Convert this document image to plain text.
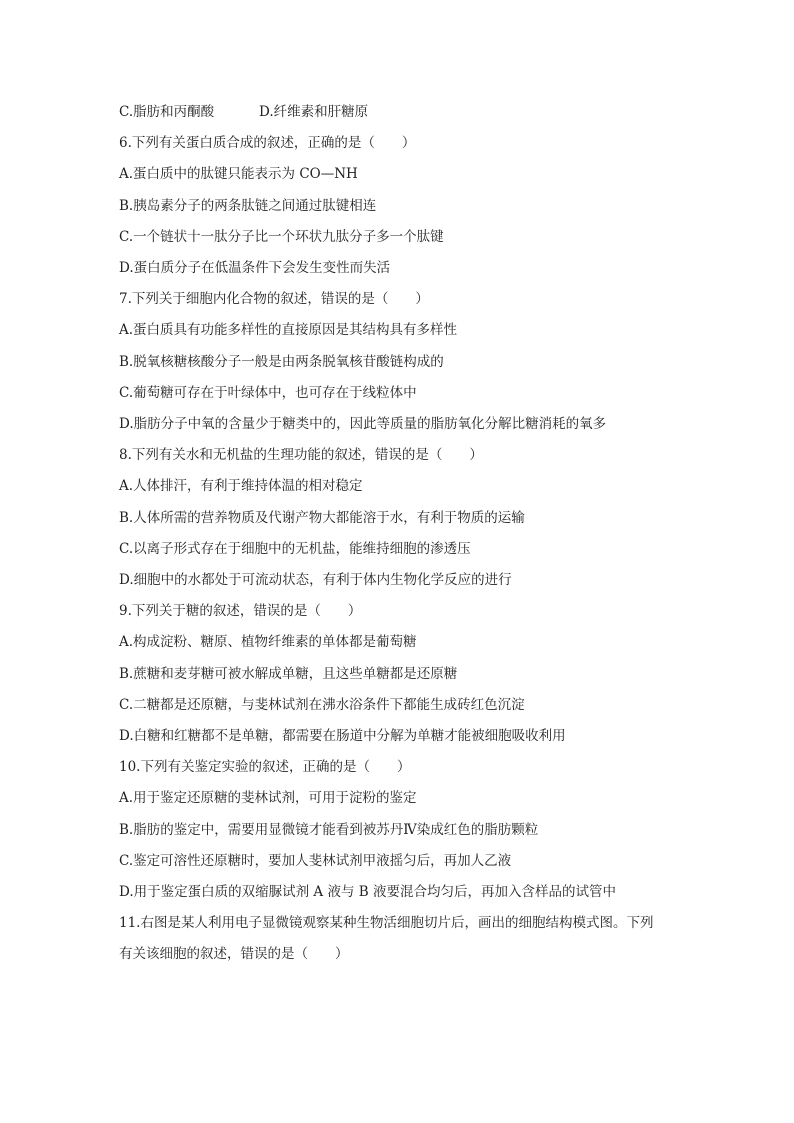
C.脂肪和丙酮酸	D.纤维素和肝糖原
6.下列有关蛋白质合成的叙述，正确的是（　　）
A.蛋白质中的肽键只能表示为 CO—NH
B.胰岛素分子的两条肽链之间通过肽键相连
C.一个链状十一肽分子比一个环状九肽分子多一个肽键
D.蛋白质分子在低温条件下会发生变性而失活
7.下列关于细胞内化合物的叙述，错误的是（　　）
A.蛋白质具有功能多样性的直接原因是其结构具有多样性
B.脱氧核糖核酸分子一般是由两条脱氧核苷酸链构成的
C.葡萄糖可存在于叶绿体中，也可存在于线粒体中
D.脂肪分子中氧的含量少于糖类中的，因此等质量的脂肪氧化分解比糖消耗的氧多
8.下列有关水和无机盐的生理功能的叙述，错误的是（　　）
A.人体排汗，有利于维持体温的相对稳定
B.人体所需的营养物质及代谢产物大都能溶于水，有利于物质的运输
C.以离子形式存在于细胞中的无机盐，能维持细胞的渗透压
D.细胞中的水都处于可流动状态，有利于体内生物化学反应的进行
9.下列关于糖的叙述，错误的是（　　）
A.构成淀粉、糖原、植物纤维素的单体都是葡萄糖
B.蔗糖和麦芽糖可被水解成单糖，且这些单糖都是还原糖
C.二糖都是还原糖，与斐林试剂在沸水浴条件下都能生成砖红色沉淀
D.白糖和红糖都不是单糖，都需要在肠道中分解为单糖才能被细胞吸收利用
10.下列有关鉴定实验的叙述，正确的是（　　）
A.用于鉴定还原糖的斐林试剂，可用于淀粉的鉴定
B.脂肪的鉴定中，需要用显微镜才能看到被苏丹Ⅳ染成红色的脂肪颗粒
C.鉴定可溶性还原糖时，要加人斐林试剂甲液摇匀后，再加人乙液
D.用于鉴定蛋白质的双缩脲试剂 A 液与 B 液要混合均匀后，再加入含样品的试管中
11.右图是某人利用电子显微镜观察某种生物活细胞切片后，画出的细胞结构模式图。下列
有关该细胞的叙述，错误的是（　　）
